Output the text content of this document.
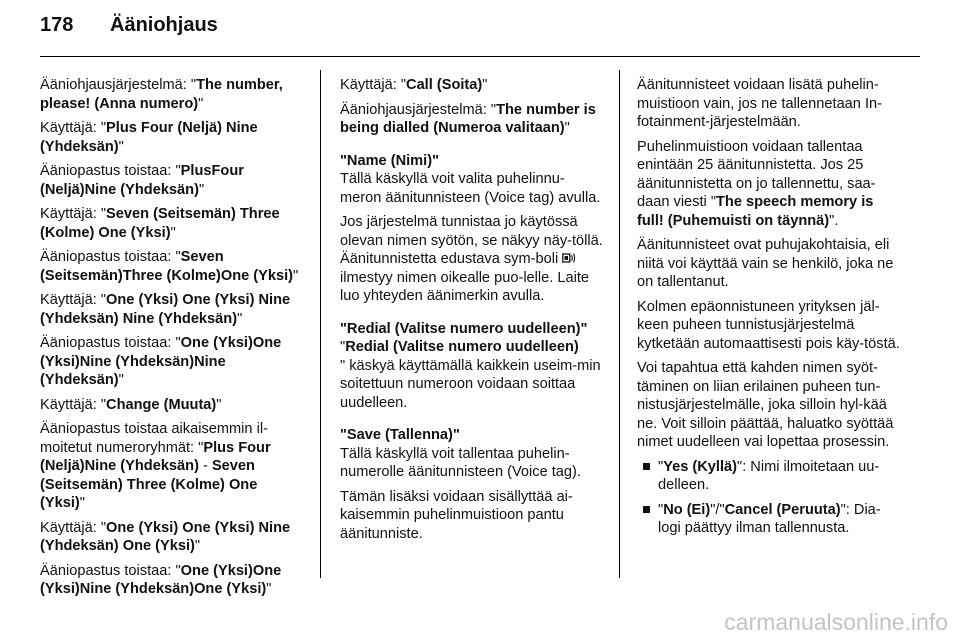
178 Ääniohjaus
Ääniohjausjärjestelmä: "The number, please! (Anna numero)"
Käyttäjä: "Plus Four (Neljä) Nine (Yhdeksän)"
Ääniopastus toistaa: "PlusFour (Neljä)Nine (Yhdeksän)"
Käyttäjä: "Seven (Seitsemän) Three (Kolme) One (Yksi)"
Ääniopastus toistaa: "Seven (Seitsemän)Three (Kolme)One (Yksi)"
Käyttäjä: "One (Yksi) One (Yksi) Nine (Yhdeksän) Nine (Yhdeksän)"
Ääniopastus toistaa: "One (Yksi)One (Yksi)Nine (Yhdeksän)Nine (Yhdeksän)"
Käyttäjä: "Change (Muuta)"
Ääniopastus toistaa aikaisemmin il-moitetut numeroryhmät: "Plus Four (Neljä)Nine (Yhdeksän) - Seven (Seitsemän) Three (Kolme) One (Yksi)"
Käyttäjä: "One (Yksi) One (Yksi) Nine (Yhdeksän) One (Yksi)"
Ääniopastus toistaa: "One (Yksi)One (Yksi)Nine (Yhdeksän)One (Yksi)"
Käyttäjä: "Call (Soita)"
Ääniohjausjärjestelmä: "The number is being dialled (Numeroa valitaan)"
"Name (Nimi)"
Tällä käskyllä voit valita puhelinnu-meron äänitunnisteen (Voice tag) avulla.
Jos järjestelmä tunnistaa jo käytössä olevan nimen syötön, se näkyy näy-töllä. Äänitunnistetta edustava sym-boli  ilmestyy nimen oikealle puo-lelle. Laite luo yhteyden äänimerkin avulla.
"Redial (Valitse numero uudelleen)"
"Redial (Valitse numero uudelleen)
" käskyä käyttämällä kaikkein useim-min soitettuun numeroon voidaan soittaa uudelleen.
"Save (Tallenna)"
Tällä käskyllä voit tallentaa puhelin-numerolle äänitunnisteen (Voice tag).
Tämän lisäksi voidaan sisällyttää ai-kaisemmin puhelinmuistioon pantu äänitunniste.
Äänitunnisteet voidaan lisätä puhelin-muistioon vain, jos ne tallennetaan In-fotainment-järjestelmään.
Puhelinmuistioon voidaan tallentaa enintään 25 äänitunnistetta. Jos 25 äänitunnistetta on jo tallennettu, saa-daan viesti "The speech memory is full! (Puhemuisti on täynnä)".
Äänitunnisteet ovat puhujakohtaisia, eli niitä voi käyttää vain se henkilö, joka ne on tallentanut.
Kolmen epäonnistuneen yrityksen jäl-keen puheen tunnistusjärjestelmä kytketään automaattisesti pois käy-töstä.
Voi tapahtua että kahden nimen syöt-täminen on liian erilainen puheen tun-nistusjärjestelmälle, joka silloin hyl-kää ne. Voit silloin päättää, haluatko syöttää nimet uudelleen vai lopettaa prosessin.
"Yes (Kyllä)": Nimi ilmoitetaan uu-delleen.
"No (Ei)"/"Cancel (Peruuta)": Dia-logi päättyy ilman tallennusta.
carmanualsonline.info
